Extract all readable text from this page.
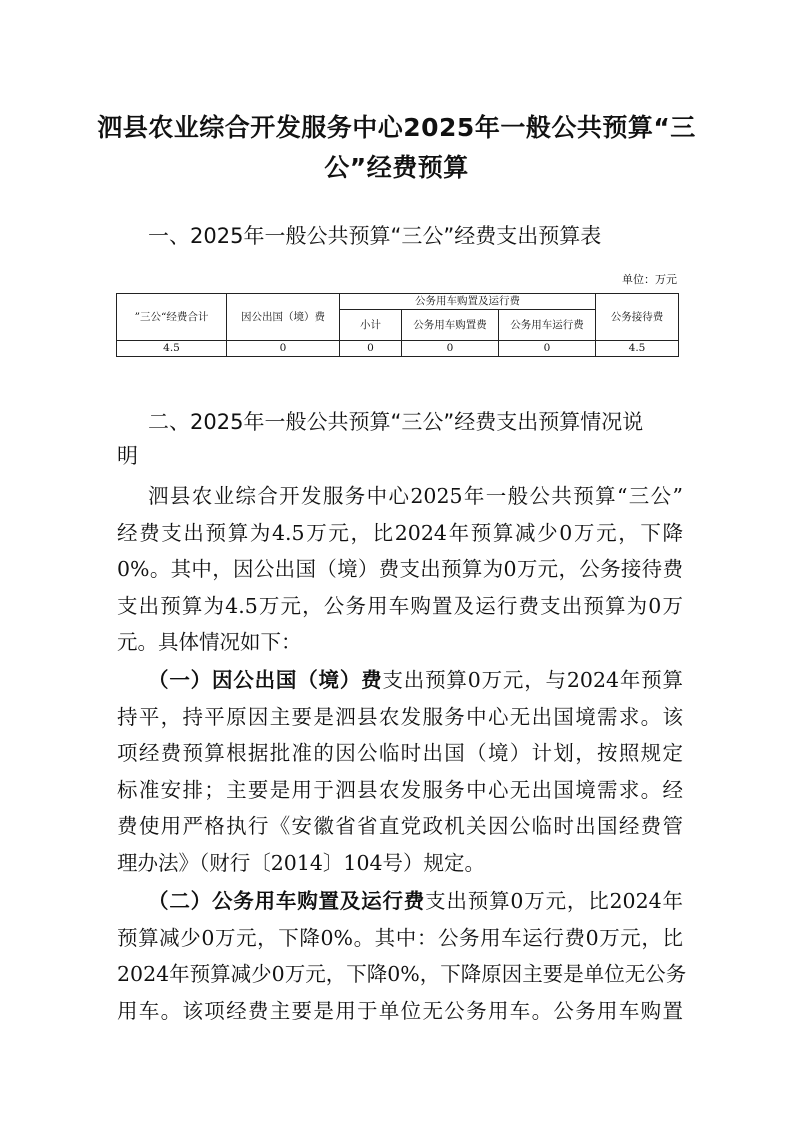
泗县农业综合开发服务中心2025年一般公共预算“三
公”经费预算
一、2025年一般公共预算“三公”经费支出预算表
单位：万元
”三公“经费合计	因公出国（境）费	公务用车购置及运行费			公务接待费
		小计	公务用车购置费	公务用车运行费	
4.5	0	0	0	0	4.5
二、2025年一般公共预算“三公”经费支出预算情况说
明
泗县农业综合开发服务中心2025年一般公共预算“三公”
经费支出预算为4.5万元，比2024年预算减少0万元，下降
0%。其中，因公出国（境）费支出预算为0万元，公务接待费
支出预算为4.5万元，公务用车购置及运行费支出预算为0万
元。具体情况如下：
（一）因公出国（境）费支出预算0万元，与2024年预算
持平，持平原因主要是泗县农发服务中心无出国境需求。该
项经费预算根据批准的因公临时出国（境）计划，按照规定
标准安排；主要是用于泗县农发服务中心无出国境需求。经
费使用严格执行《安徽省省直党政机关因公临时出国经费管
理办法》（财行〔2014〕104号）规定。
（二）公务用车购置及运行费支出预算0万元，比2024年
预算减少0万元，下降0%。其中：公务用车运行费0万元，比
2024年预算减少0万元，下降0%，下降原因主要是单位无公务
用车。该项经费主要是用于单位无公务用车。公务用车购置
